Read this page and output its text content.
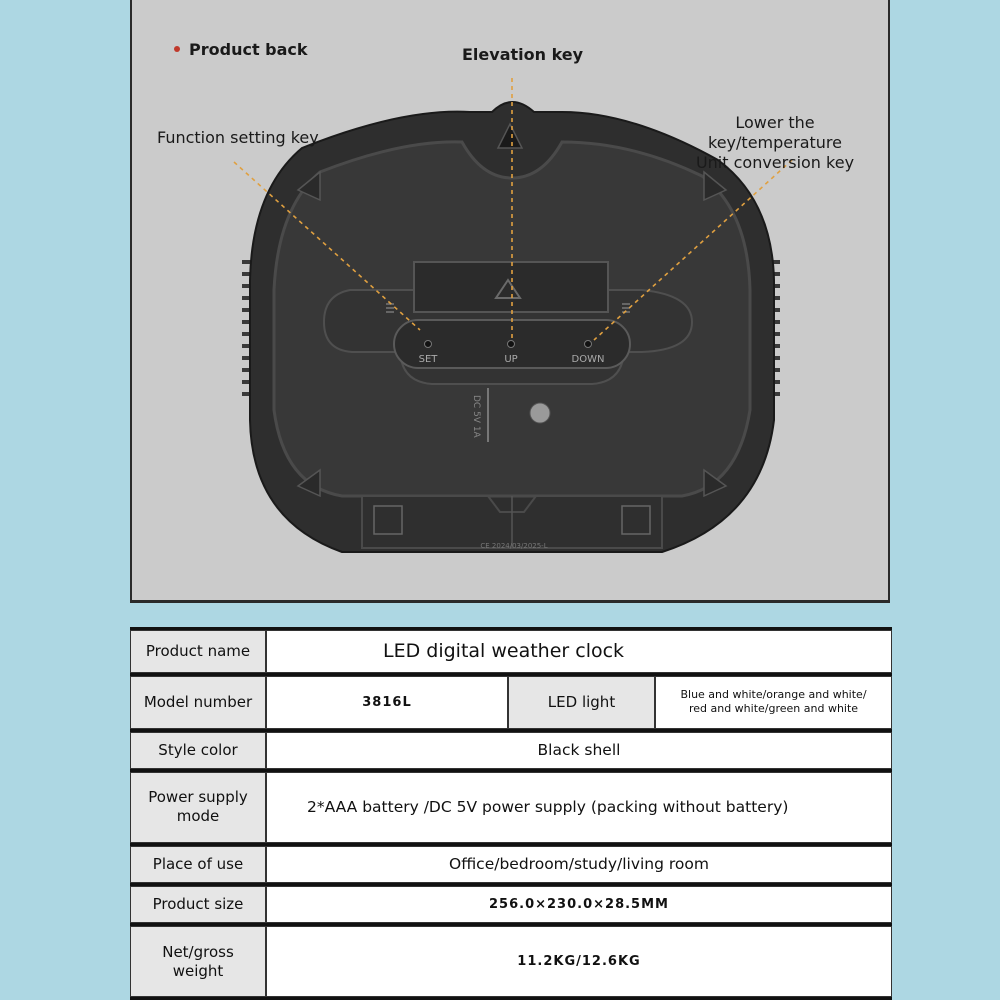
SET	UP	DOWN
DC 5V 1A
CE 2024/03/2025-L
Product back	Elevation key
Function setting key
Lower the key/temperature
Unit conversion key
Product name	LED digital weather clock		
Model number	3816L	LED light	Blue and white/orange and white/
red and white/green and white

Style color	Black shell		

Power supply
mode	2*AAA battery /DC 5V power supply (packing without battery)		
Place of use	Office/bedroom/study/living room		
Product size	256.0×230.0×28.5MM		
Net/gross weight	11.2KG/12.6KG		
